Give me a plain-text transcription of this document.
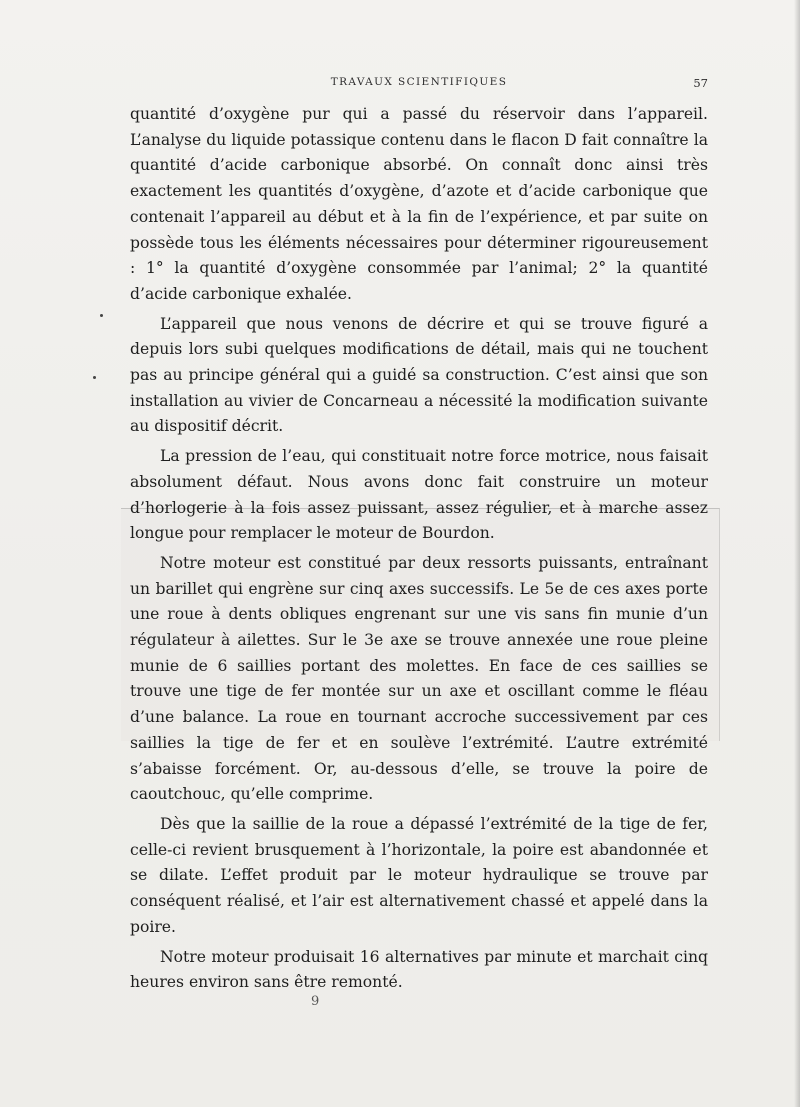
TRAVAUX SCIENTIFIQUES	57

quantité d’oxygène pur qui a passé du réservoir dans l’appareil. L’analyse du liquide potassique contenu dans le flacon D fait connaître la quantité d’acide carbonique absorbé. On connaît donc ainsi très exactement les quantités d’oxygène, d’azote et d’acide carbonique que contenait l’appareil au début et à la fin de l’expérience, et par suite on possède tous les éléments nécessaires pour déterminer rigoureusement : 1° la quantité d’oxygène consommée par l’animal; 2° la quantité d’acide carbonique exhalée.

L’appareil que nous venons de décrire et qui se trouve figuré a depuis lors subi quelques modifications de détail, mais qui ne touchent pas au principe général qui a guidé sa construction. C’est ainsi que son installation au vivier de Concarneau a nécessité la modification suivante au dispositif décrit.

La pression de l’eau, qui constituait notre force motrice, nous faisait absolument défaut. Nous avons donc fait construire un moteur d’horlogerie à la fois assez puissant, assez régulier, et à marche assez longue pour remplacer le moteur de Bourdon.

Notre moteur est constitué par deux ressorts puissants, entraînant un barillet qui engrène sur cinq axes successifs. Le 5e de ces axes porte une roue à dents obliques engrenant sur une vis sans fin munie d’un régulateur à ailettes. Sur le 3e axe se trouve annexée une roue pleine munie de 6 saillies portant des molettes. En face de ces saillies se trouve une tige de fer montée sur un axe et oscillant comme le fléau d’une balance. La roue en tournant accroche successivement par ces saillies la tige de fer et en soulève l’extrémité. L’autre extrémité s’abaisse forcément. Or, au-dessous d’elle, se trouve la poire de caoutchouc, qu’elle comprime.

Dès que la saillie de la roue a dépassé l’extrémité de la tige de fer, celle-ci revient brusquement à l’horizontale, la poire est abandonnée et se dilate. L’effet produit par le moteur hydraulique se trouve par conséquent réalisé, et l’air est alternativement chassé et appelé dans la poire.

Notre moteur produisait 16 alternatives par minute et marchait cinq heures environ sans être remonté.

9
